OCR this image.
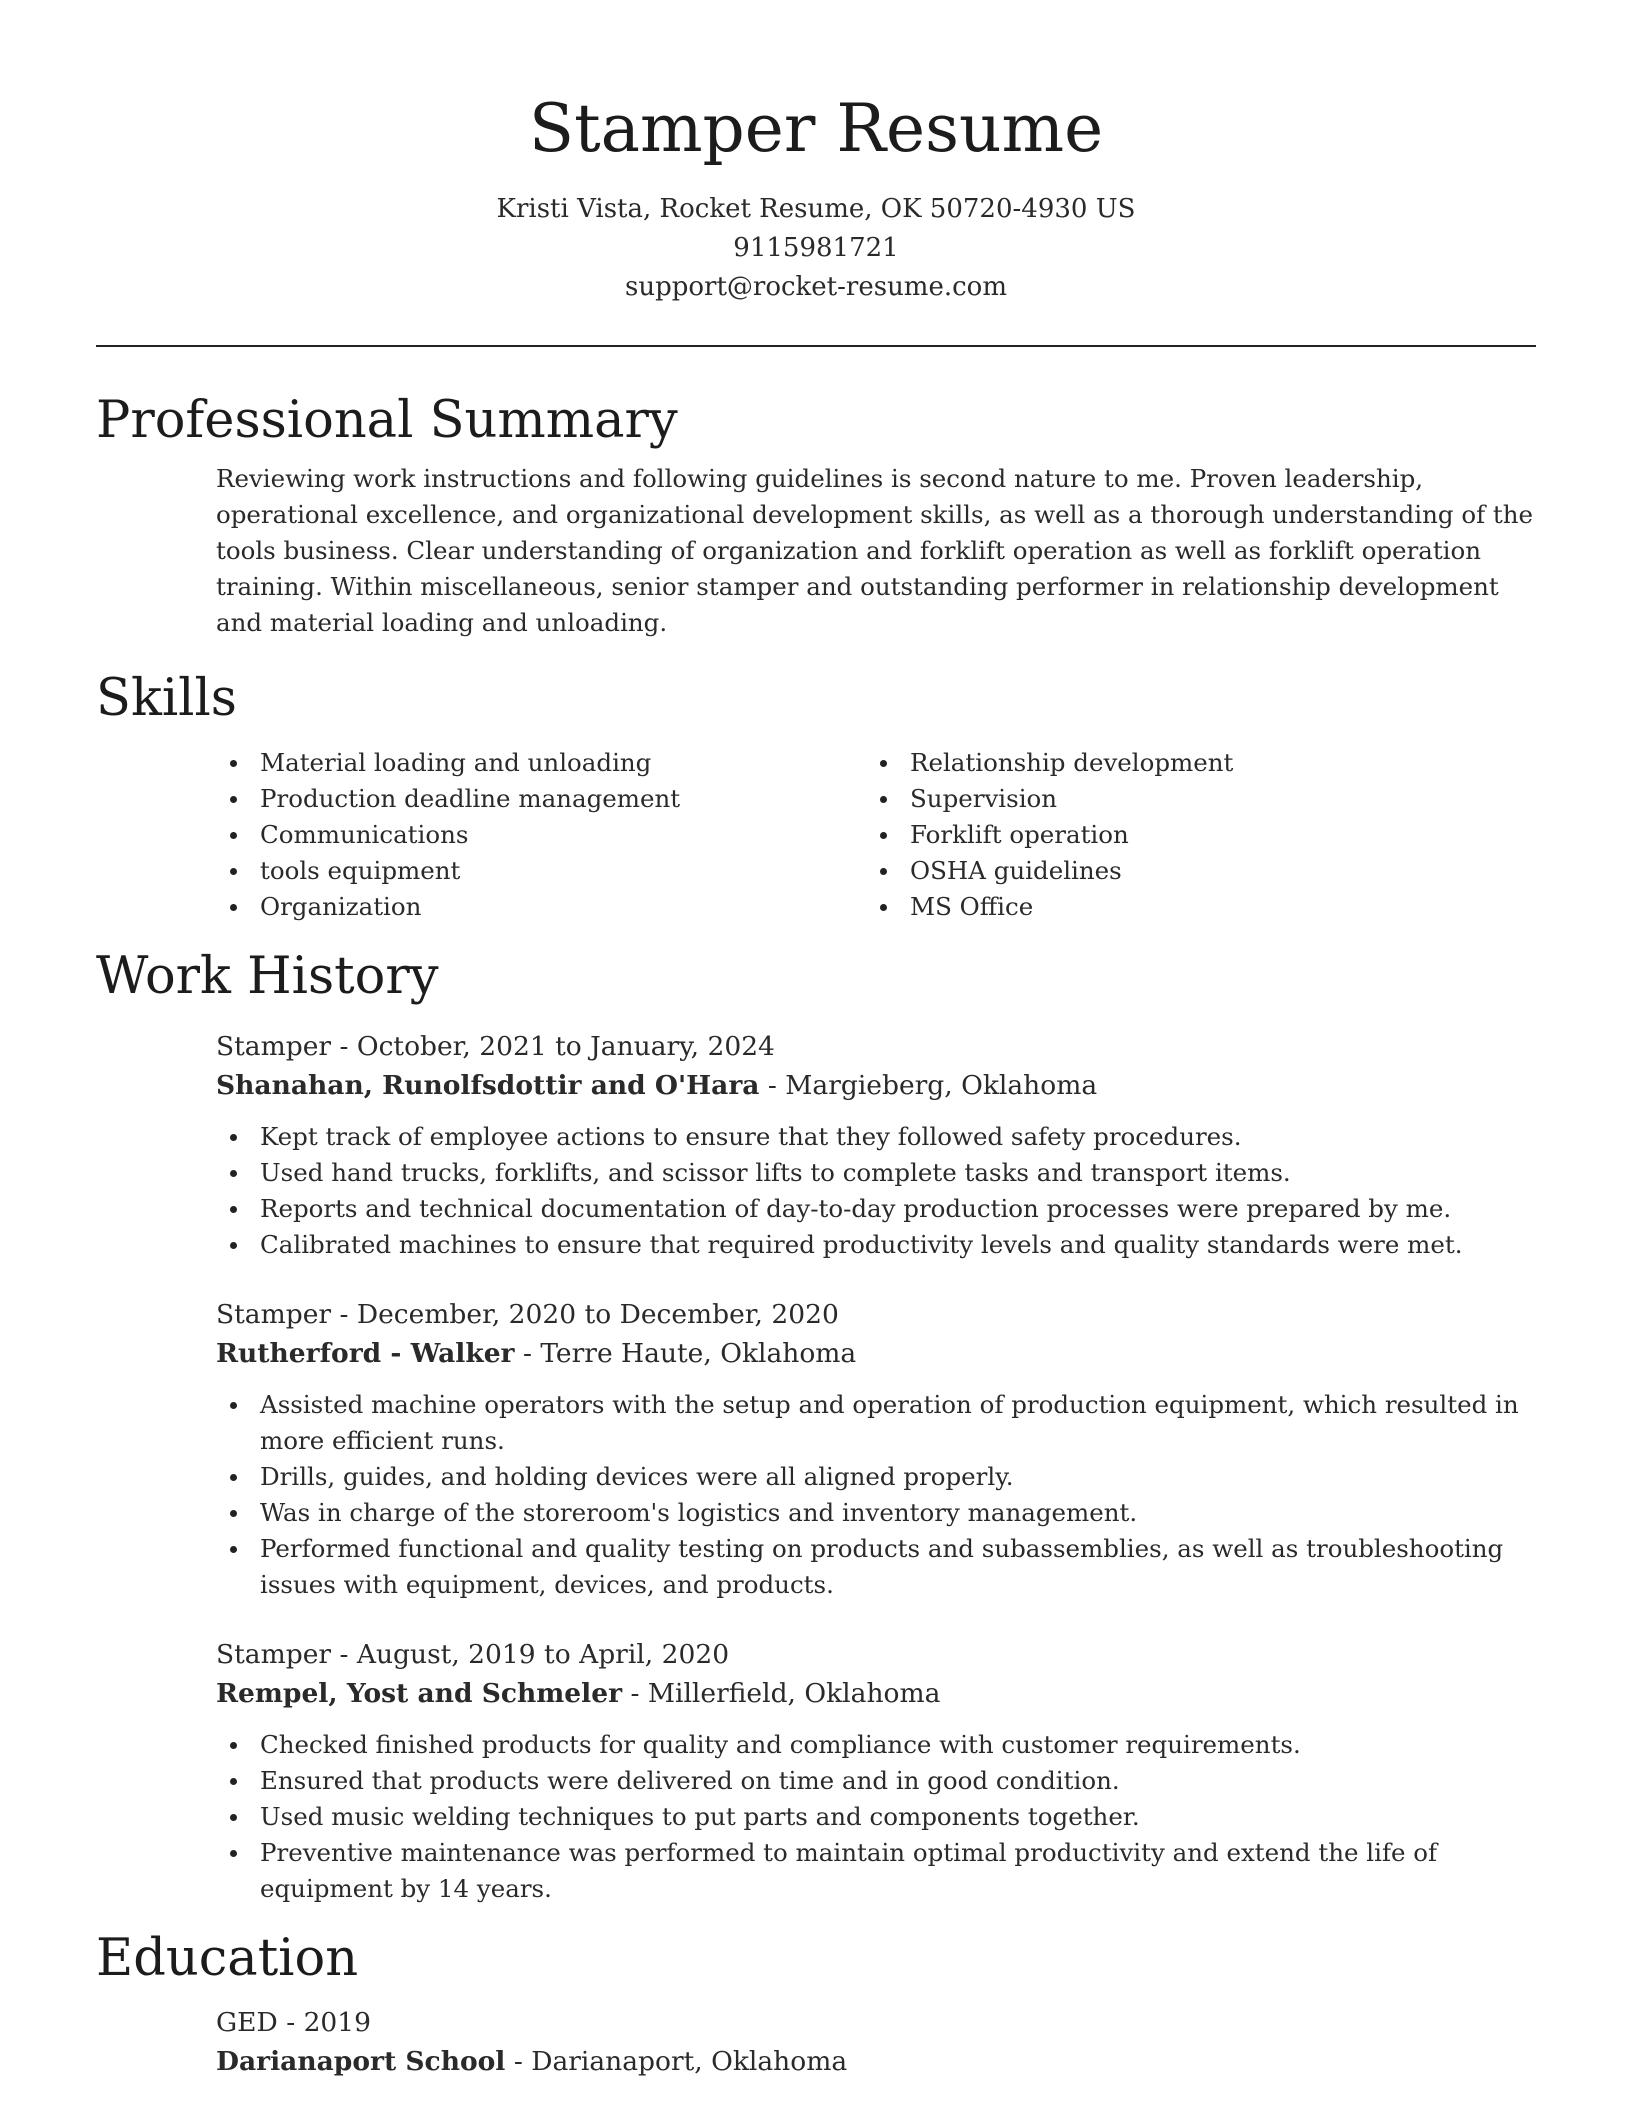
Stamper Resume
Kristi Vista, Rocket Resume, OK 50720-4930 US
9115981721
support@rocket-resume.com
Professional Summary

Reviewing work instructions and following guidelines is second nature to me. Proven leadership, operational excellence, and organizational development skills, as well as a thorough understanding of the tools business. Clear understanding of organization and forklift operation as well as forklift operation training. Within miscellaneous, senior stamper and outstanding performer in relationship development and material loading and unloading.

Skills
Material loading and unloading
Production deadline management
Communications
tools equipment
Organization
Relationship development
Supervision
Forklift operation
OSHA guidelines
MS Office
Work History
Stamper - October, 2021 to January, 2024
Shanahan, Runolfsdottir and O'Hara - Margieberg, Oklahoma
Kept track of employee actions to ensure that they followed safety procedures.
Used hand trucks, forklifts, and scissor lifts to complete tasks and transport items.
Reports and technical documentation of day-to-day production processes were prepared by me.
Calibrated machines to ensure that required productivity levels and quality standards were met.
Stamper - December, 2020 to December, 2020
Rutherford - Walker - Terre Haute, Oklahoma
Assisted machine operators with the setup and operation of production equipment, which resulted in more efficient runs.
Drills, guides, and holding devices were all aligned properly.
Was in charge of the storeroom's logistics and inventory management.
Performed functional and quality testing on products and subassemblies, as well as troubleshooting issues with equipment, devices, and products.
Stamper - August, 2019 to April, 2020
Rempel, Yost and Schmeler - Millerfield, Oklahoma
Checked finished products for quality and compliance with customer requirements.
Ensured that products were delivered on time and in good condition.
Used music welding techniques to put parts and components together.
Preventive maintenance was performed to maintain optimal productivity and extend the life of equipment by 14 years.
Education
GED - 2019
Darianaport School - Darianaport, Oklahoma
